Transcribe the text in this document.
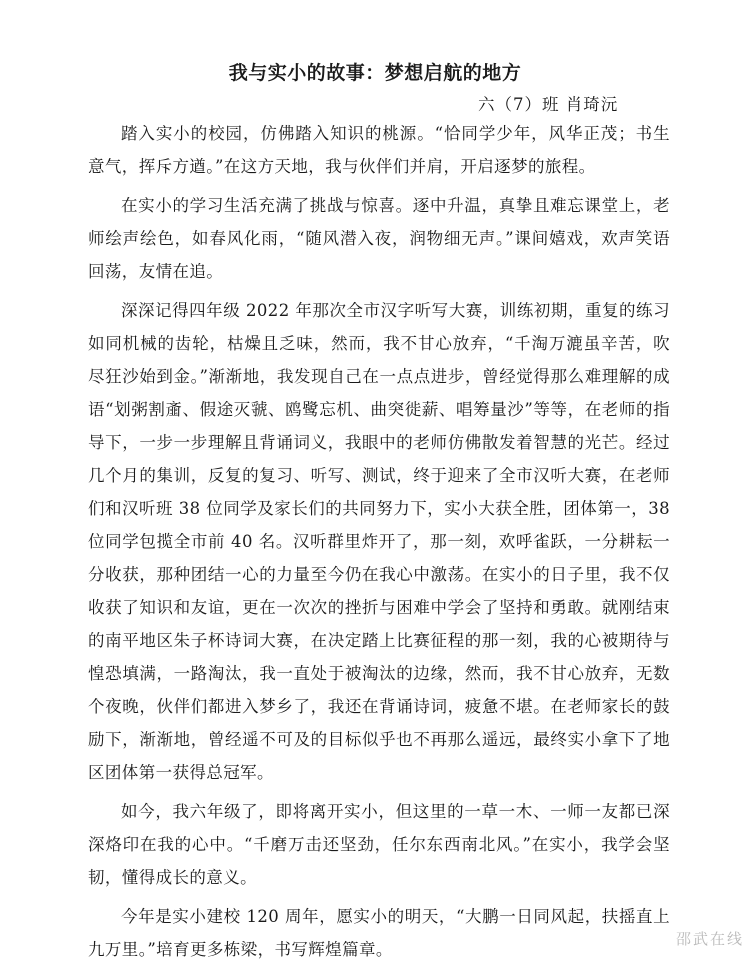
我与实小的故事：梦想启航的地方
六（7）班 肖琦沅

踏入实小的校园，仿佛踏入知识的桃源。“恰同学少年，风华正茂；书生意气，挥斥方遒。”在这方天地，我与伙伴们并肩，开启逐梦的旅程。

在实小的学习生活充满了挑战与惊喜。逐中升温，真挚且难忘课堂上，老师绘声绘色，如春风化雨，“随风潜入夜，润物细无声。”课间嬉戏，欢声笑语回荡，友情在追。

深深记得四年级 2022 年那次全市汉字听写大赛，训练初期，重复的练习如同机械的齿轮，枯燥且乏味，然而，我不甘心放弃，“千淘万漉虽辛苦，吹尽狂沙始到金。”渐渐地，我发现自己在一点点进步，曾经觉得那么难理解的成语“划粥割齑、假途灭虢、鸥鹭忘机、曲突徙薪、唱筹量沙”等等，在老师的指导下，一步一步理解且背诵词义，我眼中的老师仿佛散发着智慧的光芒。经过几个月的集训，反复的复习、听写、测试，终于迎来了全市汉听大赛，在老师们和汉听班 38 位同学及家长们的共同努力下，实小大获全胜，团体第一，38 位同学包揽全市前 40 名。汉听群里炸开了，那一刻，欢呼雀跃，一分耕耘一分收获，那种团结一心的力量至今仍在我心中激荡。在实小的日子里，我不仅收获了知识和友谊，更在一次次的挫折与困难中学会了坚持和勇敢。就刚结束的南平地区朱子杯诗词大赛，在决定踏上比赛征程的那一刻，我的心被期待与惶恐填满，一路淘汰，我一直处于被淘汰的边缘，然而，我不甘心放弃，无数个夜晚，伙伴们都进入梦乡了，我还在背诵诗词，疲惫不堪。在老师家长的鼓励下，渐渐地，曾经遥不可及的目标似乎也不再那么遥远，最终实小拿下了地区团体第一获得总冠军。

如今，我六年级了，即将离开实小，但这里的一草一木、一师一友都已深深烙印在我的心中。“千磨万击还坚劲，任尔东西南北风。”在实小，我学会坚韧，懂得成长的意义。

今年是实小建校 120 周年，愿实小的明天，“大鹏一日同风起，扶摇直上九万里。”培育更多栋梁，书写辉煌篇章。

邵武在线
